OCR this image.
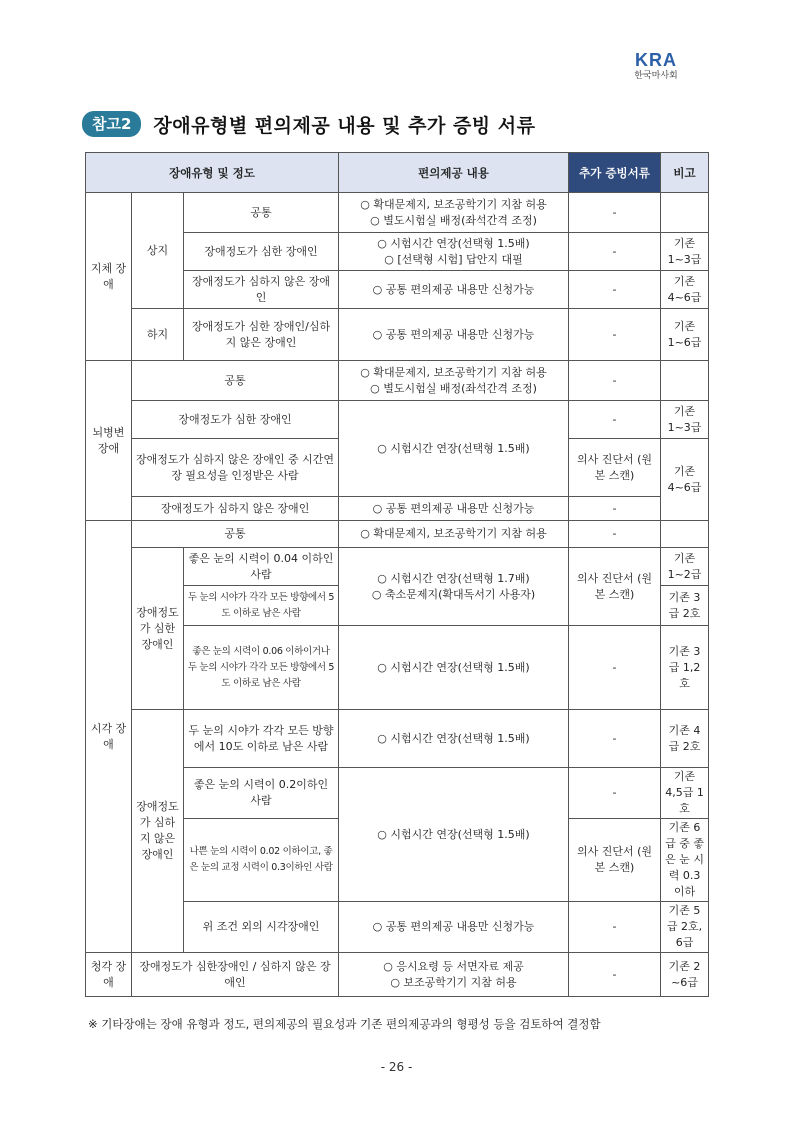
KRA
한국마사회
참고2	장애유형별 편의제공 내용 및 추가 증빙 서류
장애유형 및 정도			편의제공 내용	추가 증빙서류	비고
지체 장애	상지	공통	○ 확대문제지, 보조공학기기 지참 허용
○ 별도시험실 배정(좌석간격 조정)	-	
		장애정도가 심한 장애인	○ 시험시간 연장(선택형 1.5배)
○ [선택형 시험] 답안지 대필	-	기존 1~3급
		장애정도가 심하지 않은 장애인	○ 공통 편의제공 내용만 신청가능	-	기존 4~6급
	하지	장애정도가 심한 장애인/심하지 않은 장애인	○ 공통 편의제공 내용만 신청가능	-	기존 1~6급
뇌병변 장애	공통		○ 확대문제지, 보조공학기기 지참 허용
○ 별도시험실 배정(좌석간격 조정)	-	
	장애정도가 심한 장애인		○ 시험시간 연장(선택형 1.5배)	-	기존 1~3급
	장애정도가 심하지 않은 장애인 중 시간연장 필요성을 인정받은 사람			의사 진단서 (원본 스캔)	기존 4~6급
	장애정도가 심하지 않은 장애인		○ 공통 편의제공 내용만 신청가능	-	
시각 장애	공통		○ 확대문제지, 보조공학기기 지참 허용	-	
	장애정도가 심한 장애인	좋은 눈의 시력이 0.04 이하인 사람	○ 시험시간 연장(선택형 1.7배)
○ 축소문제지(확대독서기 사용자)	의사 진단서 (원본 스캔)	기존 1~2급
		두 눈의 시야가 각각 모든 방향에서 5도 이하로 남은 사람			기존 3급 2호
		좋은 눈의 시력이 0.06 이하이거나 두 눈의 시야가 각각 모든 방향에서 5도 이하로 남은 사람	○ 시험시간 연장(선택형 1.5배)	-	기존 3급 1,2호
	장애정도가 심하지 않은 장애인	두 눈의 시야가 각각 모든 방향에서 10도 이하로 남은 사람	○ 시험시간 연장(선택형 1.5배)	-	기존 4급 2호
		좋은 눈의 시력이 0.2이하인 사람	○ 시험시간 연장(선택형 1.5배)	-	기존 4,5급 1호
		나쁜 눈의 시력이 0.02 이하이고, 좋은 눈의 교정 시력이 0.3이하인 사람		의사 진단서 (원본 스캔)	기존 6급 중 좋은 눈 시력 0.3이하
		위 조건 외의 시각장애인	○ 공통 편의제공 내용만 신청가능	-	기존 5급 2호, 6급

청각 장애	장애정도가 심한장애인 / 심하지 않은 장애인		○ 응시요령 등 서면자료 제공
○ 보조공학기기 지참 허용	-	기존 2 ~6급
※ 기타장애는 장애 유형과 정도, 편의제공의 필요성과 기존 편의제공과의 형평성 등을 검토하여 결정함
- 26 -
